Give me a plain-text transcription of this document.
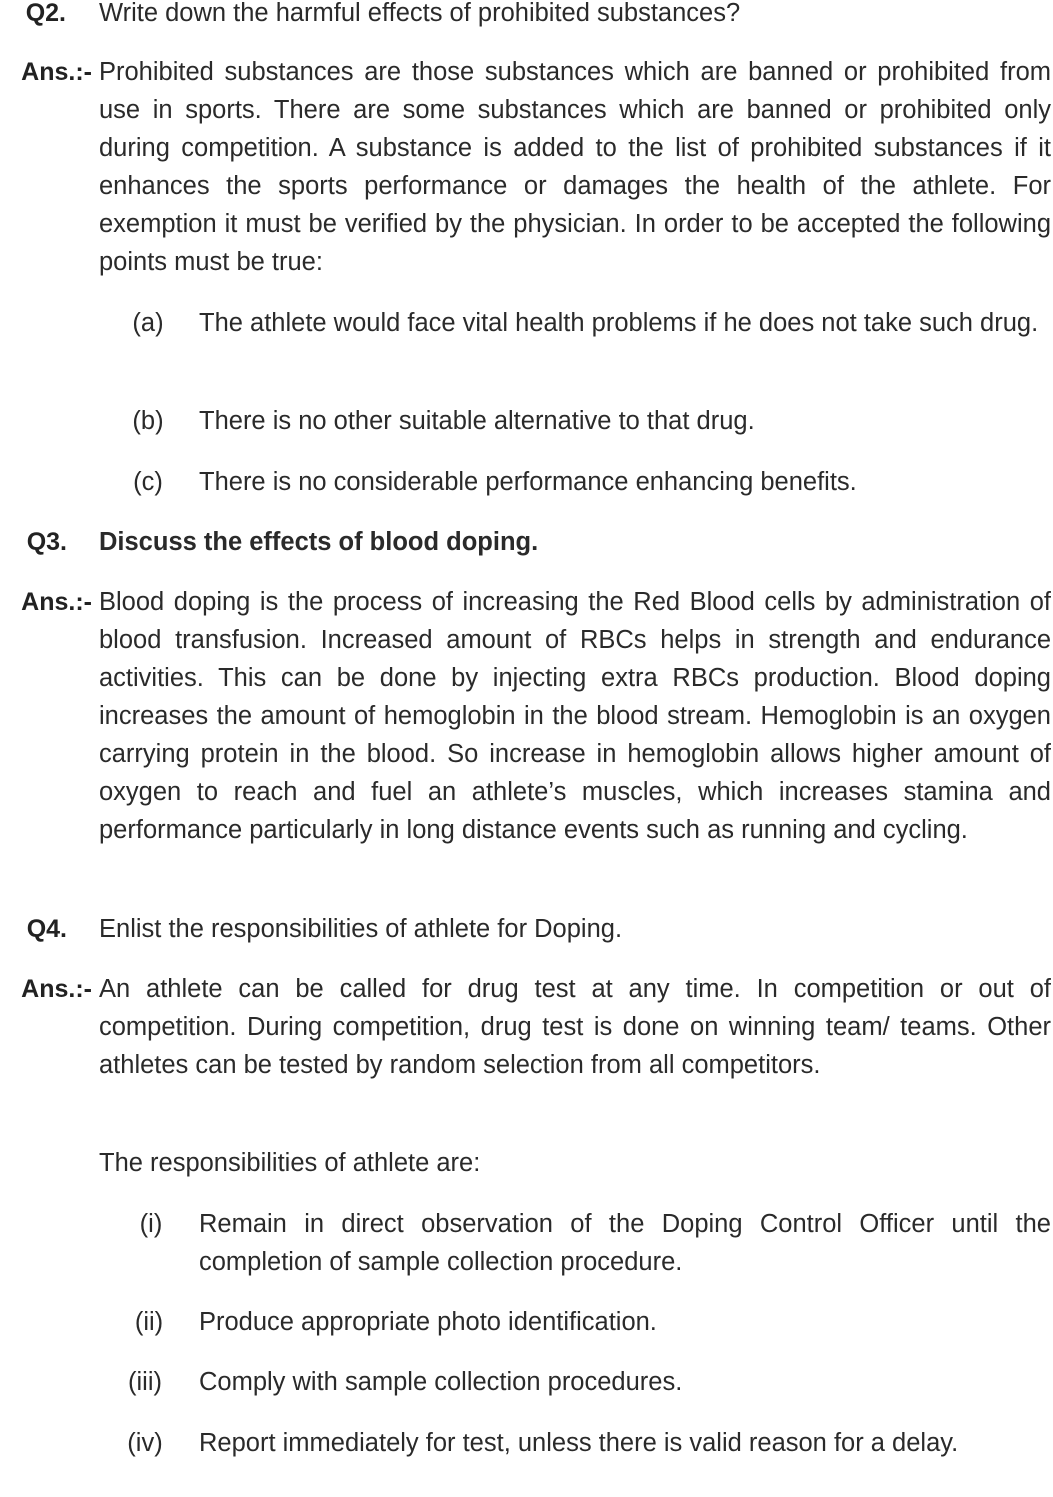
Q2. Write down the harmful effects of prohibited substances?
Ans.:- Prohibited substances are those substances which are banned or prohibited from use in sports. There are some substances which are banned or prohibited only during competition. A substance is added to the list of prohibited substances if it enhances the sports performance or damages the health of the athlete. For exemption it must be verified by the physician. In order to be accepted the following points must be true:
(a)	The athlete would face vital health problems if he does not take such drug.
(b)	There is no other suitable alternative to that drug.
(c)	There is no considerable performance enhancing benefits.
Q3. Discuss the effects of blood doping.
Ans.:- Blood doping is the process of increasing the Red Blood cells by administration of blood transfusion. Increased amount of RBCs helps in strength and endurance activities. This can be done by injecting extra RBCs production. Blood doping increases the amount of hemoglobin in the blood stream. Hemoglobin is an oxygen carrying protein in the blood. So increase in hemoglobin allows higher amount of oxygen to reach and fuel an athlete’s muscles, which increases stamina and performance particularly in long distance events such as running and cycling.
Q4. Enlist the responsibilities of athlete for Doping.
Ans.:- An athlete can be called for drug test at any time. In competition or out of competition. During competition, drug test is done on winning team/ teams. Other athletes can be tested by random selection from all competitors.
The responsibilities of athlete are:
(i)	Remain in direct observation of the Doping Control Officer until the completion of sample collection procedure.
(ii)	Produce appropriate photo identification.
(iii)	Comply with sample collection procedures.
(iv)	Report immediately for test, unless there is valid reason for a delay.
